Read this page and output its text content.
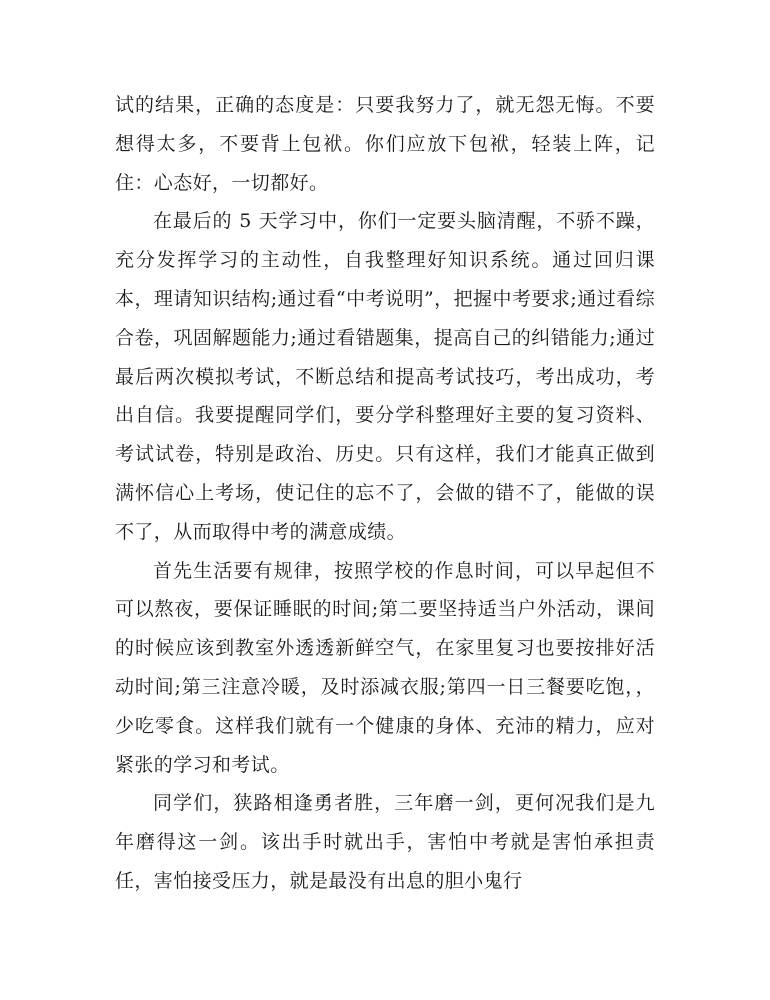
试的结果，正确的态度是：只要我努力了，就无怨无悔。不要想得太多，不要背上包袱。你们应放下包袱，轻装上阵，记住：心态好，一切都好。

在最后的 5 天学习中，你们一定要头脑清醒，不骄不躁，充分发挥学习的主动性，自我整理好知识系统。通过回归课本，理请知识结构;通过看“中考说明”，把握中考要求;通过看综合卷，巩固解题能力;通过看错题集，提高自己的纠错能力;通过最后两次模拟考试，不断总结和提高考试技巧，考出成功，考出自信。我要提醒同学们，要分学科整理好主要的复习资料、考试试卷，特别是政治、历史。只有这样，我们才能真正做到满怀信心上考场，使记住的忘不了，会做的错不了，能做的误不了，从而取得中考的满意成绩。

首先生活要有规律，按照学校的作息时间，可以早起但不可以熬夜，要保证睡眠的时间;第二要坚持适当户外活动，课间的时候应该到教室外透透新鲜空气，在家里复习也要按排好活动时间;第三注意冷暖，及时添减衣服;第四一日三餐要吃饱，，少吃零食。这样我们就有一个健康的身体、充沛的精力，应对紧张的学习和考试。

同学们，狭路相逢勇者胜，三年磨一剑，更何况我们是九年磨得这一剑。该出手时就出手，害怕中考就是害怕承担责任，害怕接受压力，就是最没有出息的胆小鬼行
